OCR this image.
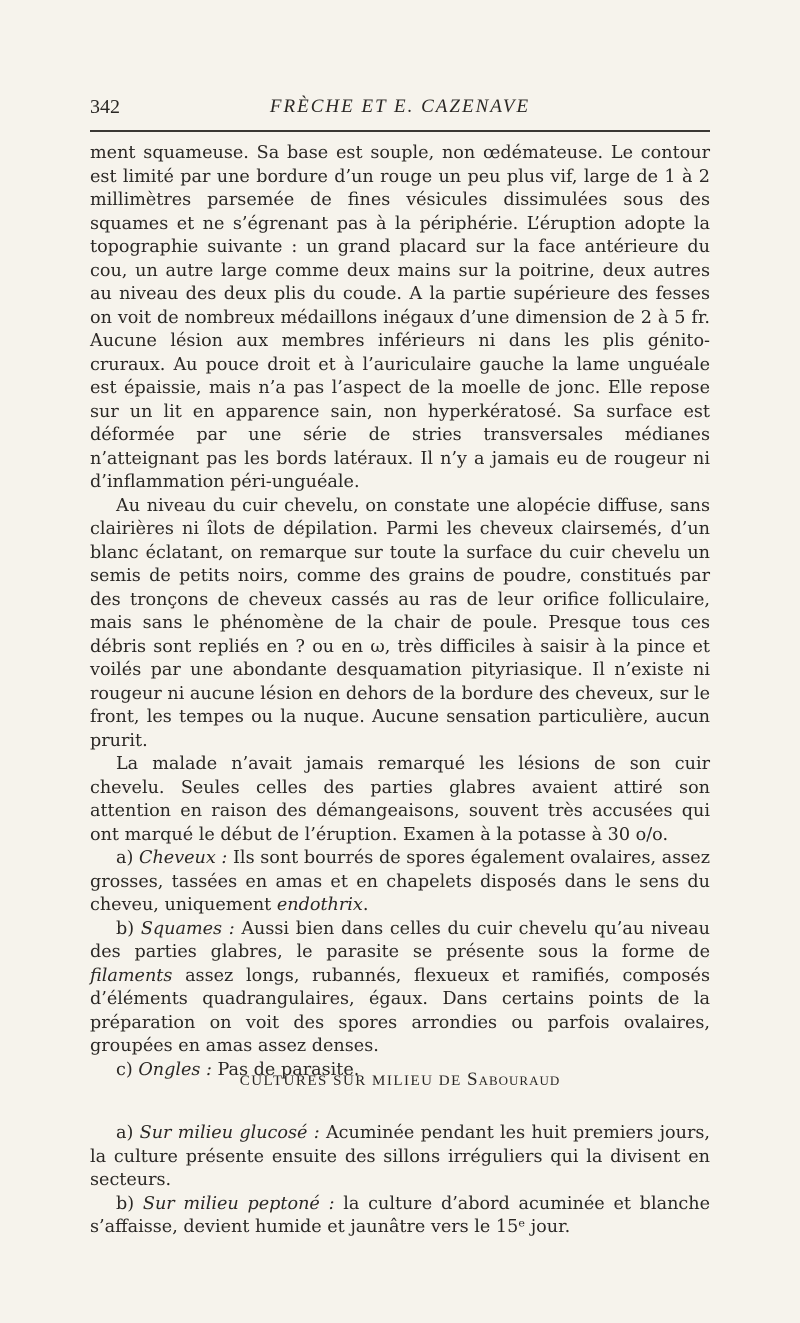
342	FRÈCHE ET E. CAZENAVE

ment squameuse. Sa base est souple, non œdémateuse. Le contour est limité par une bordure d’un rouge un peu plus vif, large de 1 à 2 millimètres parsemée de fines vésicules dissimulées sous des squames et ne s’égrenant pas à la périphérie. L’éruption adopte la topographie suivante : un grand placard sur la face antérieure du cou, un autre large comme deux mains sur la poitrine, deux autres au niveau des deux plis du coude. A la partie supérieure des fesses on voit de nombreux médaillons inégaux d’une dimension de 2 à 5 fr. Aucune lésion aux membres inférieurs ni dans les plis génito-cruraux. Au pouce droit et à l’auriculaire gauche la lame unguéale est épaissie, mais n’a pas l’aspect de la moelle de jonc. Elle repose sur un lit en apparence sain, non hyperkératosé. Sa surface est déformée par une série de stries transversales médianes n’atteignant pas les bords latéraux. Il n’y a jamais eu de rougeur ni d’inflammation péri-unguéale.

Au niveau du cuir chevelu, on constate une alopécie diffuse, sans clairières ni îlots de dépilation. Parmi les cheveux clairsemés, d’un blanc éclatant, on remarque sur toute la surface du cuir chevelu un semis de petits noirs, comme des grains de poudre, constitués par des tronçons de cheveux cassés au ras de leur orifice folliculaire, mais sans le phénomène de la chair de poule. Presque tous ces débris sont repliés en ? ou en ω, très difficiles à saisir à la pince et voilés par une abondante desquamation pityriasique. Il n’existe ni rougeur ni aucune lésion en dehors de la bordure des cheveux, sur le front, les tempes ou la nuque. Aucune sensation particulière, aucun prurit.

La malade n’avait jamais remarqué les lésions de son cuir chevelu. Seules celles des parties glabres avaient attiré son attention en raison des démangeaisons, souvent très accusées qui ont marqué le début de l’éruption. Examen à la potasse à 30 o/o.

a) Cheveux : Ils sont bourrés de spores également ovalaires, assez grosses, tassées en amas et en chapelets disposés dans le sens du cheveu, uniquement endothrix.

b) Squames : Aussi bien dans celles du cuir chevelu qu’au niveau des parties glabres, le parasite se présente sous la forme de filaments assez longs, rubannés, flexueux et ramifiés, composés d’éléments quadrangulaires, égaux. Dans certains points de la préparation on voit des spores arrondies ou parfois ovalaires, groupées en amas assez denses.

c) Ongles : Pas de parasite.

CULTURES SUR MILIEU DE Sabouraud

a) Sur milieu glucosé : Acuminée pendant les huit premiers jours, la culture présente ensuite des sillons irréguliers qui la divisent en secteurs.

b) Sur milieu peptoné : la culture d’abord acuminée et blanche s’affaisse, devient humide et jaunâtre vers le 15ᵉ jour.
